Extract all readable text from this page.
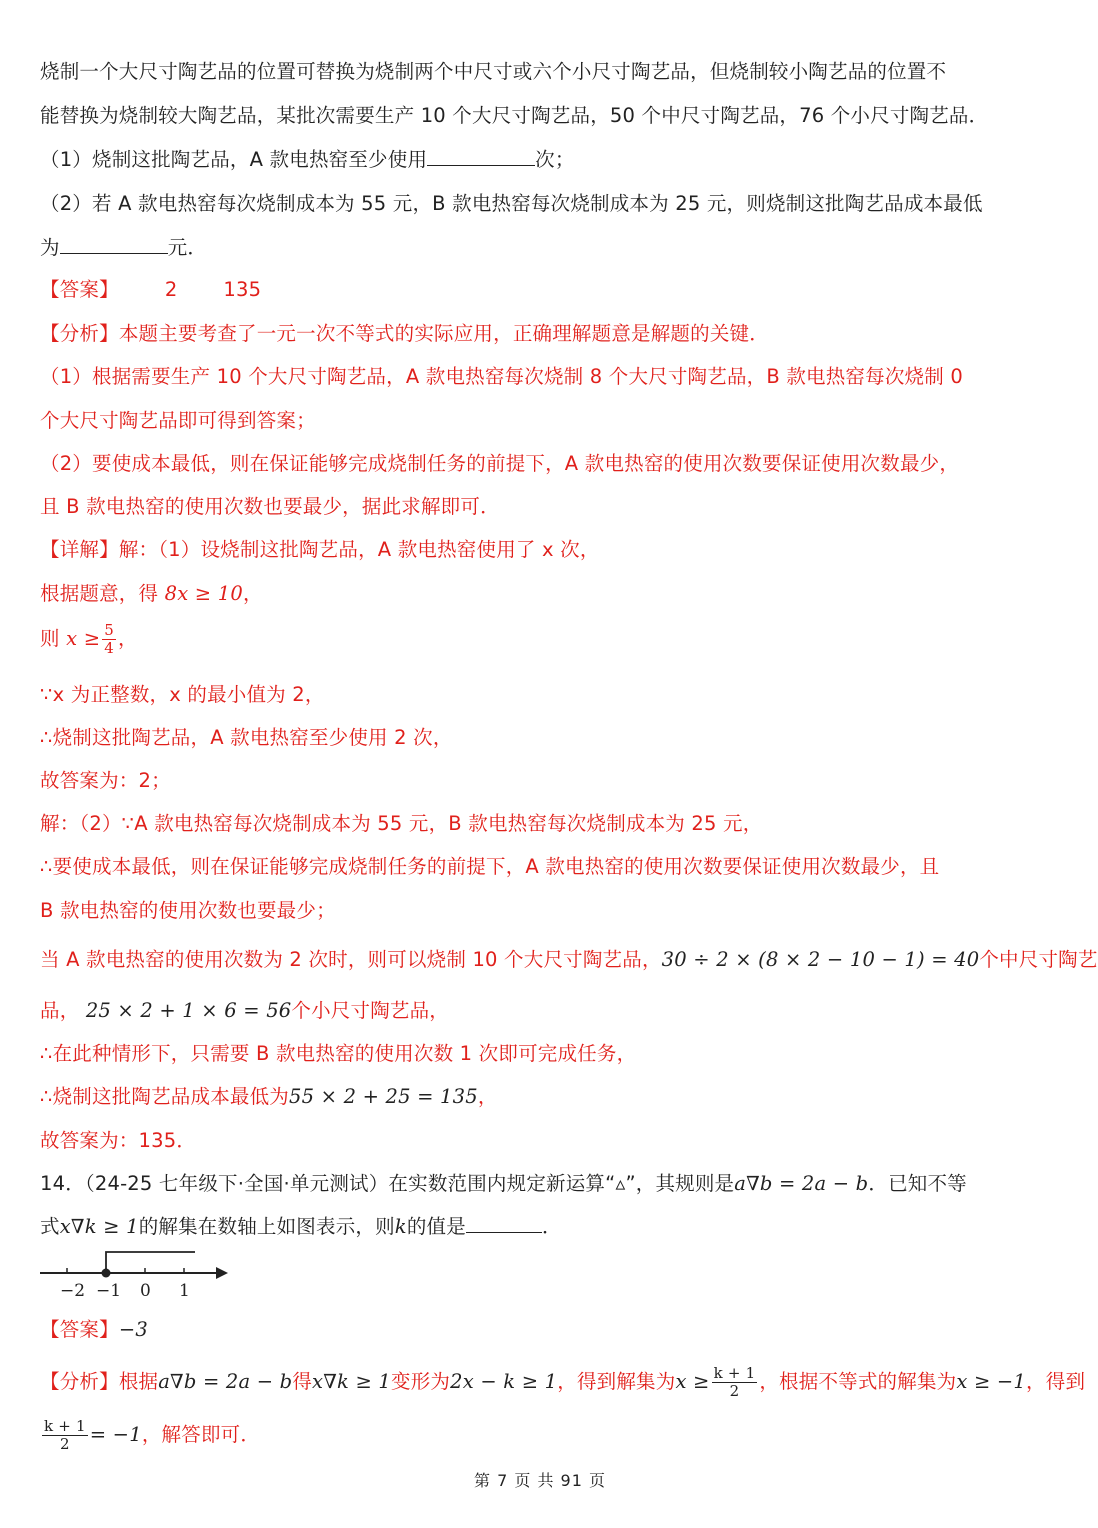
烧制一个大尺寸陶艺品的位置可替换为烧制两个中尺寸或六个小尺寸陶艺品，但烧制较小陶艺品的位置不
能替换为烧制较大陶艺品，某批次需要生产 10 个大尺寸陶艺品，50 个中尺寸陶艺品，76 个小尺寸陶艺品．
（1）烧制这批陶艺品，A 款电热窑至少使用	次；
（2）若 A 款电热窑每次烧制成本为 55 元，B 款电热窑每次烧制成本为 25 元，则烧制这批陶艺品成本最低
为	元．
【答案】 2 135
【分析】本题主要考查了一元一次不等式的实际应用，正确理解题意是解题的关键．
（1）根据需要生产 10 个大尺寸陶艺品，A 款电热窑每次烧制 8 个大尺寸陶艺品，B 款电热窑每次烧制 0
个大尺寸陶艺品即可得到答案；
（2）要使成本最低，则在保证能够完成烧制任务的前提下，A 款电热窑的使用次数要保证使用次数最少，
且 B 款电热窑的使用次数也要最少，据此求解即可．
【详解】解：（1）设烧制这批陶艺品，A 款电热窑使用了 x 次，
根据题意，得 8x ≥ 10，
则 $x \ge \frac{5}{4}$ ，
∵x 为正整数，x 的最小值为 2，
∴烧制这批陶艺品，A 款电热窑至少使用 2 次，
故答案为：2；
解：（2）∵A 款电热窑每次烧制成本为 55 元，B 款电热窑每次烧制成本为 25 元，
∴要使成本最低，则在保证能够完成烧制任务的前提下，A 款电热窑的使用次数要保证使用次数最少，且
B 款电热窑的使用次数也要最少；
当 A 款电热窑的使用次数为 2 次时，则可以烧制 10 个大尺寸陶艺品，30 ÷ 2 × (8 × 2 − 10 − 1) = 40个中尺寸陶艺
品， 25 × 2 + 1 × 6 = 56个小尺寸陶艺品，
∴在此种情形下，只需要 B 款电热窑的使用次数 1 次即可完成任务，
∴烧制这批陶艺品成本最低为55 × 2 + 25 = 135，
故答案为：135．
14．（24-25 七年级下·全国·单元测试）在实数范围内规定新运算“▵”，其规则是a∇b = 2a − b．已知不等
式x∇k ≥ 1的解集在数轴上如图表示，则k的值是	．
−2 −1 0 1
【答案】−3
【分析】根据a∇b = 2a − b得x∇k ≥ 1变形为2x − k ≥ 1，得到解集为$x \ge \frac{k + 1}{2}$ ，根据不等式的解集为x ≥ −1，得到
$\frac{k + 1}{2} = -1$，解答即可．
第 7 页 共 91 页
